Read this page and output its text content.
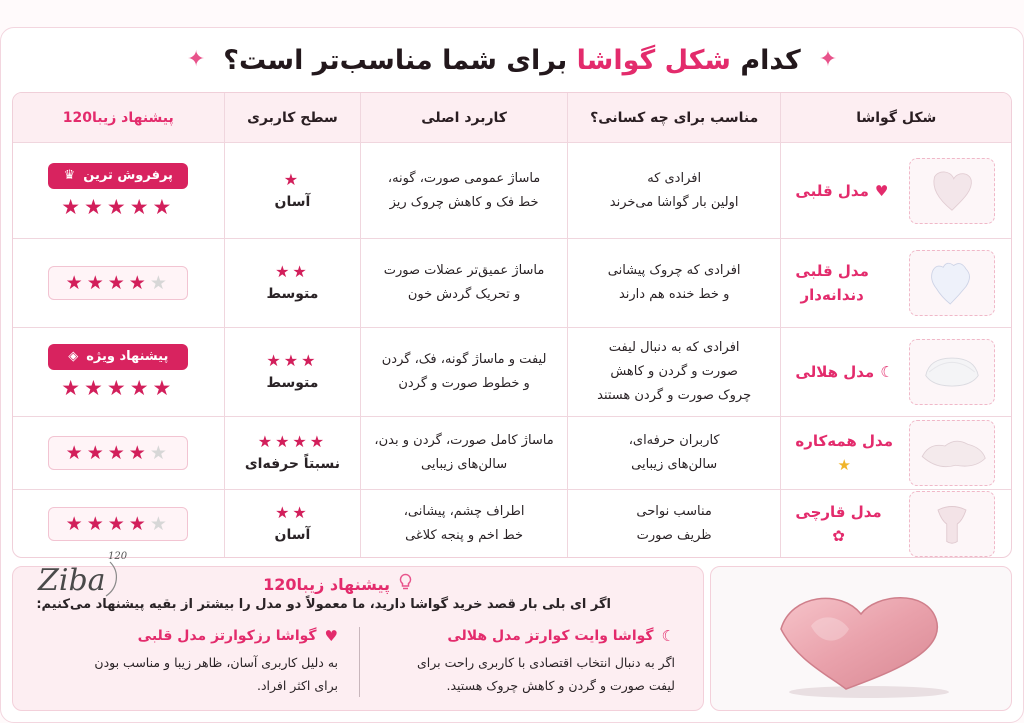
✦
کدام شکل گواشا برای شما مناسب‌تر است؟
✦
شکل گواشا
مناسب برای چه کسانی؟
کاربرد اصلی
سطح کاربری
پیشنهاد زیبا120
♥
مدل قلبی
افرادی که
اولین بار گواشا می‌خرند
ماساژ عمومی صورت، گونه،
خط فک و کاهش چروک ریز
★
آسان
پرفروش ترین
♛
★★★★★
مدل قلبی
دندانه‌دار
افرادی که چروک پیشانی
و خط خنده هم دارند
ماساژ عمیق‌تر عضلات صورت
و تحریک گردش خون
★★
متوسط
★ ★ ★ ★ ★
☾
مدل هلالی
افرادی که به دنبال لیفت
صورت و گردن و کاهش
چروک صورت و گردن هستند
لیفت و ماساژ گونه، فک، گردن
و خطوط صورت و گردن
★★★
متوسط
پیشنهاد ویژه
◈
★★★★★
مدل همه‌کاره
★
کاربران حرفه‌ای،
سالن‌های زیبایی
ماساژ کامل صورت، گردن و بدن،
سالن‌های زیبایی
★★★★
نسبتاً حرفه‌ای
★ ★ ★ ★ ★
مدل قارچی
✿
مناسب نواحی
ظریف صورت
اطراف چشم، پیشانی،
خط اخم و پنجه کلاغی
★★
آسان
★ ★ ★ ★ ★
پیشنهاد زیبا120
اگر ای بلی بار قصد خرید گواشا دارید، ما معمولاً دو مدل را بیشتر از بقیه پیشنهاد می‌کنیم:
☾
گواشا وایت کوارتز مدل هلالی
اگر به دنبال انتخاب اقتصادی با کاربری راحت برای
لیفت صورت و گردن و کاهش چروک هستید.
♥
گواشا رزکوارتز مدل قلبی
به دلیل کاربری آسان، ظاهر زیبا و مناسب بودن
برای اکثر افراد.
120
Ziba
